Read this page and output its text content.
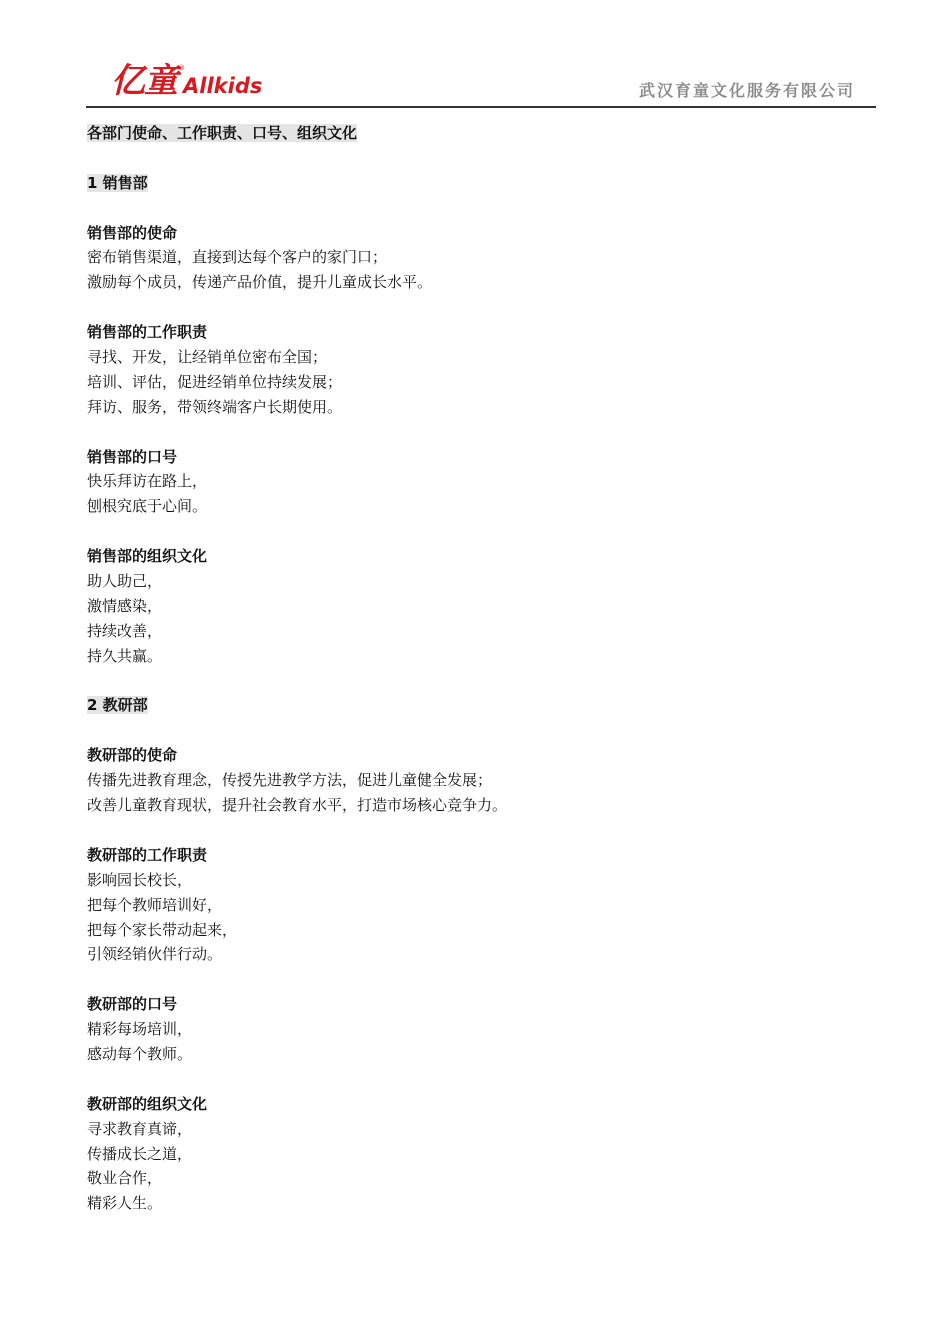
亿童 ®
Allkids	武汉育童文化服务有限公司
各部门使命、工作职责、口号、组织文化
1 销售部
销售部的使命
密布销售渠道，直接到达每个客户的家门口；
激励每个成员，传递产品价值，提升儿童成长水平。
销售部的工作职责
寻找、开发，让经销单位密布全国；
培训、评估，促进经销单位持续发展；
拜访、服务，带领终端客户长期使用。
销售部的口号
快乐拜访在路上，
刨根究底于心间。
销售部的组织文化
助人助己，
激情感染，
持续改善，
持久共赢。
2 教研部
教研部的使命
传播先进教育理念，传授先进教学方法，促进儿童健全发展；
改善儿童教育现状，提升社会教育水平，打造市场核心竞争力。
教研部的工作职责
影响园长校长，
把每个教师培训好，
把每个家长带动起来，
引领经销伙伴行动。
教研部的口号
精彩每场培训，
感动每个教师。
教研部的组织文化
寻求教育真谛，
传播成长之道，
敬业合作，
精彩人生。
